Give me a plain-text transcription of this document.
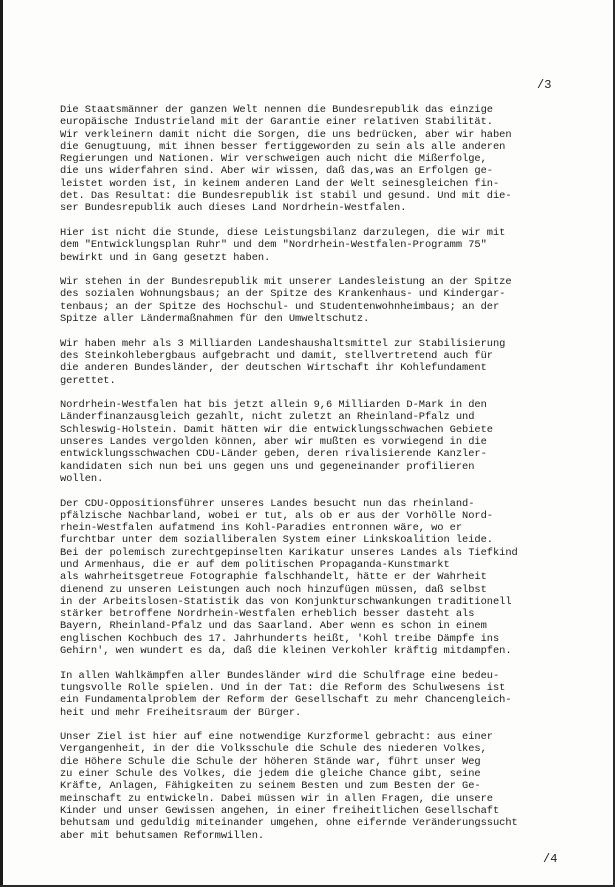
/3
Die Staatsmänner der ganzen Welt nennen die Bundesrepublik das einzige
europäische Industrieland mit der Garantie einer relativen Stabilität.
Wir verkleinern damit nicht die Sorgen, die uns bedrücken, aber wir haben
die Genugtuung, mit ihnen besser fertiggeworden zu sein als alle anderen
Regierungen und Nationen. Wir verschweigen auch nicht die Mißerfolge,
die uns widerfahren sind. Aber wir wissen, daß das,was an Erfolgen ge-
leistet worden ist, in keinem anderen Land der Welt seinesgleichen fin-
det. Das Resultat: die Bundesrepublik ist stabil und gesund. Und mit die-
ser Bundesrepublik auch dieses Land Nordrhein-Westfalen.
Hier ist nicht die Stunde, diese Leistungsbilanz darzulegen, die wir mit
dem "Entwicklungsplan Ruhr" und dem "Nordrhein-Westfalen-Programm 75"
bewirkt und in Gang gesetzt haben.
Wir stehen in der Bundesrepublik mit unserer Landesleistung an der Spitze
des sozialen Wohnungsbaus; an der Spitze des Krankenhaus- und Kindergar-
tenbaus; an der Spitze des Hochschul- und Studentenwohnheimbaus; an der
Spitze aller Ländermaßnahmen für den Umweltschutz.
Wir haben mehr als 3 Milliarden Landeshaushaltsmittel zur Stabilisierung
des Steinkohlebergbaus aufgebracht und damit, stellvertretend auch für
die anderen Bundesländer, der deutschen Wirtschaft ihr Kohlefundament
gerettet.
Nordrhein-Westfalen hat bis jetzt allein 9,6 Milliarden D-Mark in den
Länderfinanzausgleich gezahlt, nicht zuletzt an Rheinland-Pfalz und
Schleswig-Holstein. Damit hätten wir die entwicklungsschwachen Gebiete
unseres Landes vergolden können, aber wir mußten es vorwiegend in die
entwicklungsschwachen CDU-Länder geben, deren rivalisierende Kanzler-
kandidaten sich nun bei uns gegen uns und gegeneinander profilieren
wollen.
Der CDU-Oppositionsführer unseres Landes besucht nun das rheinland-
pfälzische Nachbarland, wobei er tut, als ob er aus der Vorhölle Nord-
rhein-Westfalen aufatmend ins Kohl-Paradies entronnen wäre, wo er
furchtbar unter dem sozialliberalen System einer Linkskoalition leide.
Bei der polemisch zurechtgepinselten Karikatur unseres Landes als Tiefkind
und Armenhaus, die er auf dem politischen Propaganda-Kunstmarkt
als wahrheitsgetreue Fotographie falschhandelt, hätte er der Wahrheit
dienend zu unseren Leistungen auch noch hinzufügen müssen, daß selbst
in der Arbeitslosen-Statistik das von Konjunkturschwankungen traditionell
stärker betroffene Nordrhein-Westfalen erheblich besser dasteht als
Bayern, Rheinland-Pfalz und das Saarland. Aber wenn es schon in einem
englischen Kochbuch des 17. Jahrhunderts heißt, 'Kohl treibe Dämpfe ins
Gehirn', wen wundert es da, daß die kleinen Verkohler kräftig mitdampfen.
In allen Wahlkämpfen aller Bundesländer wird die Schulfrage eine bedeu-
tungsvolle Rolle spielen. Und in der Tat: die Reform des Schulwesens ist
ein Fundamentalproblem der Reform der Gesellschaft zu mehr Chancengleich-
heit und mehr Freiheitsraum der Bürger.
Unser Ziel ist hier auf eine notwendige Kurzformel gebracht: aus einer
Vergangenheit, in der die Volksschule die Schule des niederen Volkes,
die Höhere Schule die Schule der höheren Stände war, führt unser Weg
zu einer Schule des Volkes, die jedem die gleiche Chance gibt, seine
Kräfte, Anlagen, Fähigkeiten zu seinem Besten und zum Besten der Ge-
meinschaft zu entwickeln. Dabei müssen wir in allen Fragen, die unsere
Kinder und unser Gewissen angehen, in einer freiheitlichen Gesellschaft
behutsam und geduldig miteinander umgehen, ohne eifernde Veränderungssucht
aber mit behutsamen Reformwillen.
/4
